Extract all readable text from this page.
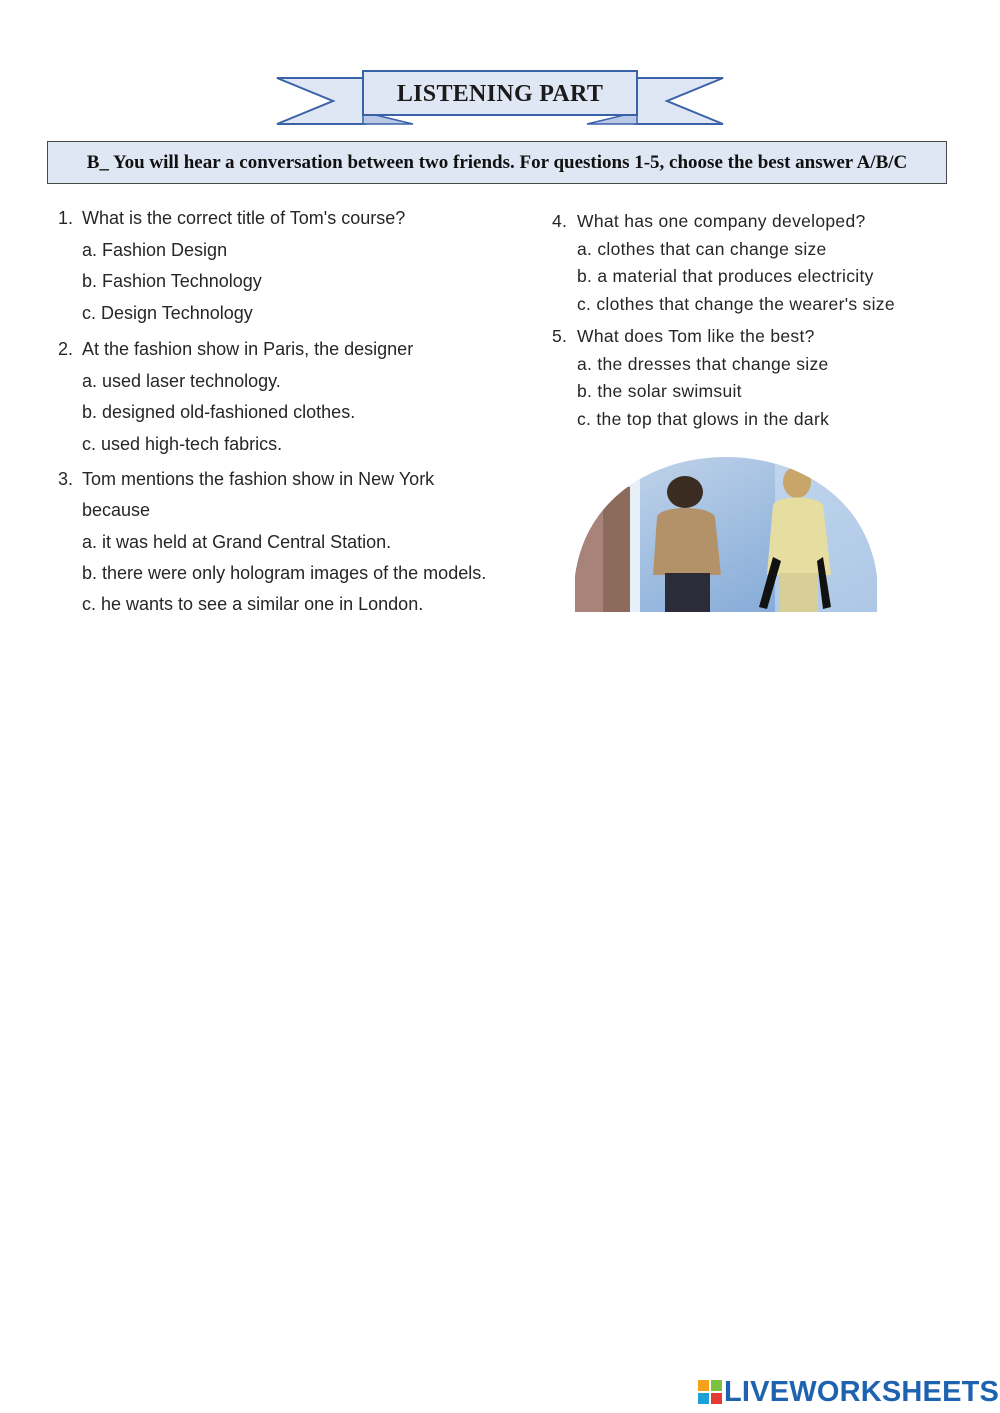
LISTENING PART
B_ You will hear a conversation between two friends. For questions 1-5, choose the best answer A/B/C
1. What is the correct title of Tom's course?
a. Fashion Design
b. Fashion Technology
c. Design Technology
2. At the fashion show in Paris, the designer
a. used laser technology.
b. designed old-fashioned clothes.
c. used high-tech fabrics.
3. Tom mentions the fashion show in New York
because
a. it was held at Grand Central Station.
b. there were only hologram images of the models.
c. he wants to see a similar one in London.
4. What has one company developed?
a. clothes that can change size
b. a material that produces electricity
c. clothes that change the wearer's size
5. What does Tom like the best?
a. the dresses that change size
b. the solar swimsuit
c. the top that glows in the dark
LIVEWORKSHEETS
